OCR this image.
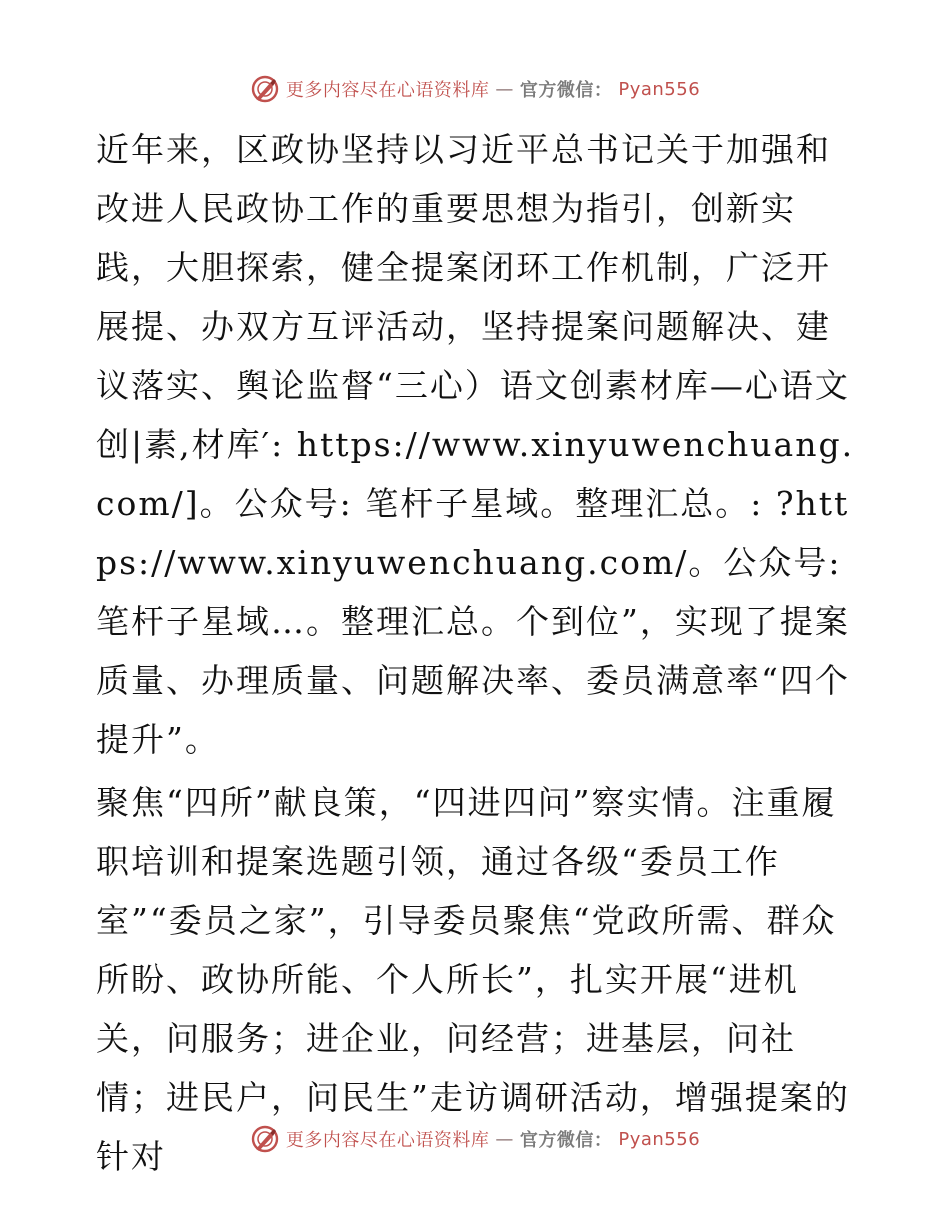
更多内容尽在心语资料库 — 官方微信： Pyan556

近年来，区政协坚持以习近平总书记关于加强和改进人民政协工作的重要思想为指引，创新实践，大胆探索，健全提案闭环工作机制，广泛开展提、办双方互评活动，坚持提案问题解决、建议落实、舆论监督“三心）语文创素材库—心语文创|素,材库′: https://www.xinyuwenchuang.com/]。公众号: 笔杆子星域。整理汇总。: ?https://www.xinyuwenchuang.com/。公众号: 笔杆子星域…。整理汇总。个到位”，实现了提案质量、办理质量、问题解决率、委员满意率“四个提升”。

聚焦“四所”献良策，“四进四问”察实情。注重履职培训和提案选题引领，通过各级“委员工作室”“委员之家”，引导委员聚焦“党政所需、群众所盼、政协所能、个人所长”，扎实开展“进机关，问服务；进企业，问经营；进基层，问社情；进民户，问民生”走访调研活动，增强提案的针对	更多内容尽在心语资料库 — 官方微信： Pyan556
